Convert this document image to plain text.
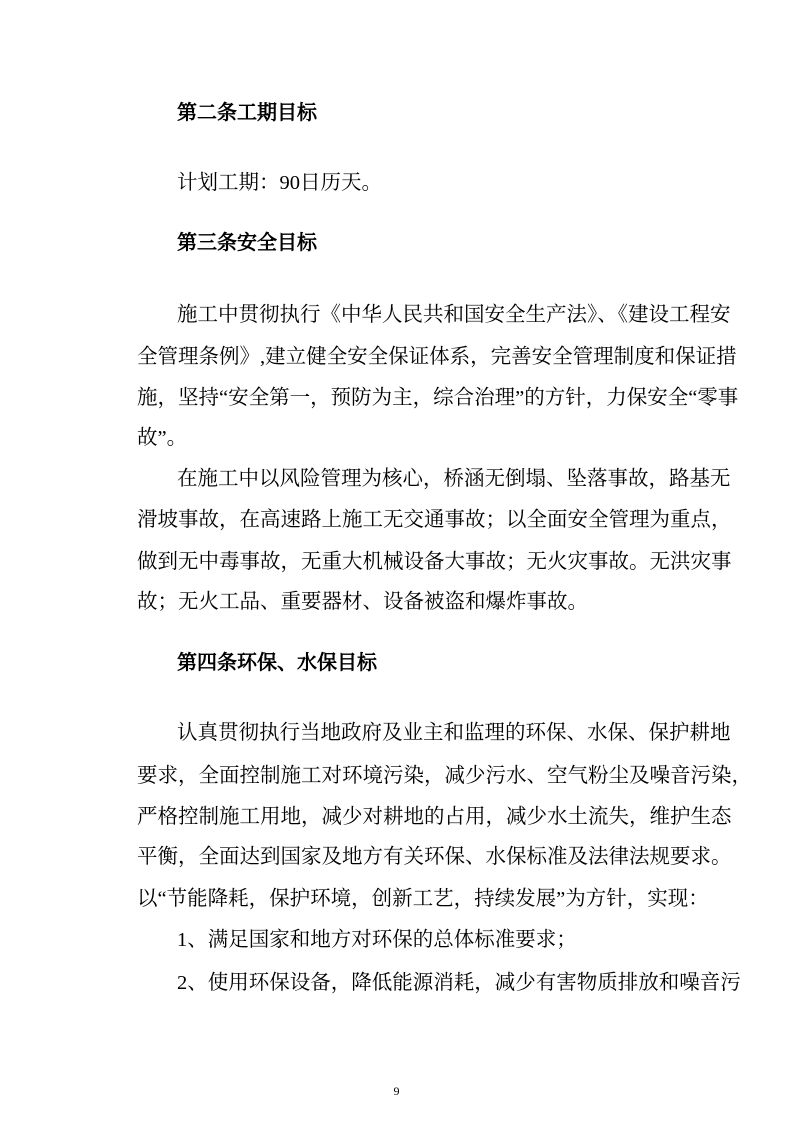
第二条工期目标
计划工期：90日历天。
第三条安全目标
施工中贯彻执行《中华人民共和国安全生产法》、《建设工程安
全管理条例》,建立健全安全保证体系，完善安全管理制度和保证措
施，坚持“安全第一，预防为主，综合治理”的方针，力保安全“零事
故”。
在施工中以风险管理为核心，桥涵无倒塌、坠落事故，路基无
滑坡事故，在高速路上施工无交通事故；以全面安全管理为重点，
做到无中毒事故，无重大机械设备大事故；无火灾事故。无洪灾事
故；无火工品、重要器材、设备被盗和爆炸事故。
第四条环保、水保目标
认真贯彻执行当地政府及业主和监理的环保、水保、保护耕地
要求，全面控制施工对环境污染，减少污水、空气粉尘及噪音污染，
严格控制施工用地，减少对耕地的占用，减少水土流失，维护生态
平衡，全面达到国家及地方有关环保、水保标准及法律法规要求。
以“节能降耗，保护环境，创新工艺，持续发展”为方针，实现：
1、满足国家和地方对环保的总体标准要求；
2、使用环保设备，降低能源消耗，减少有害物质排放和噪音污
9
